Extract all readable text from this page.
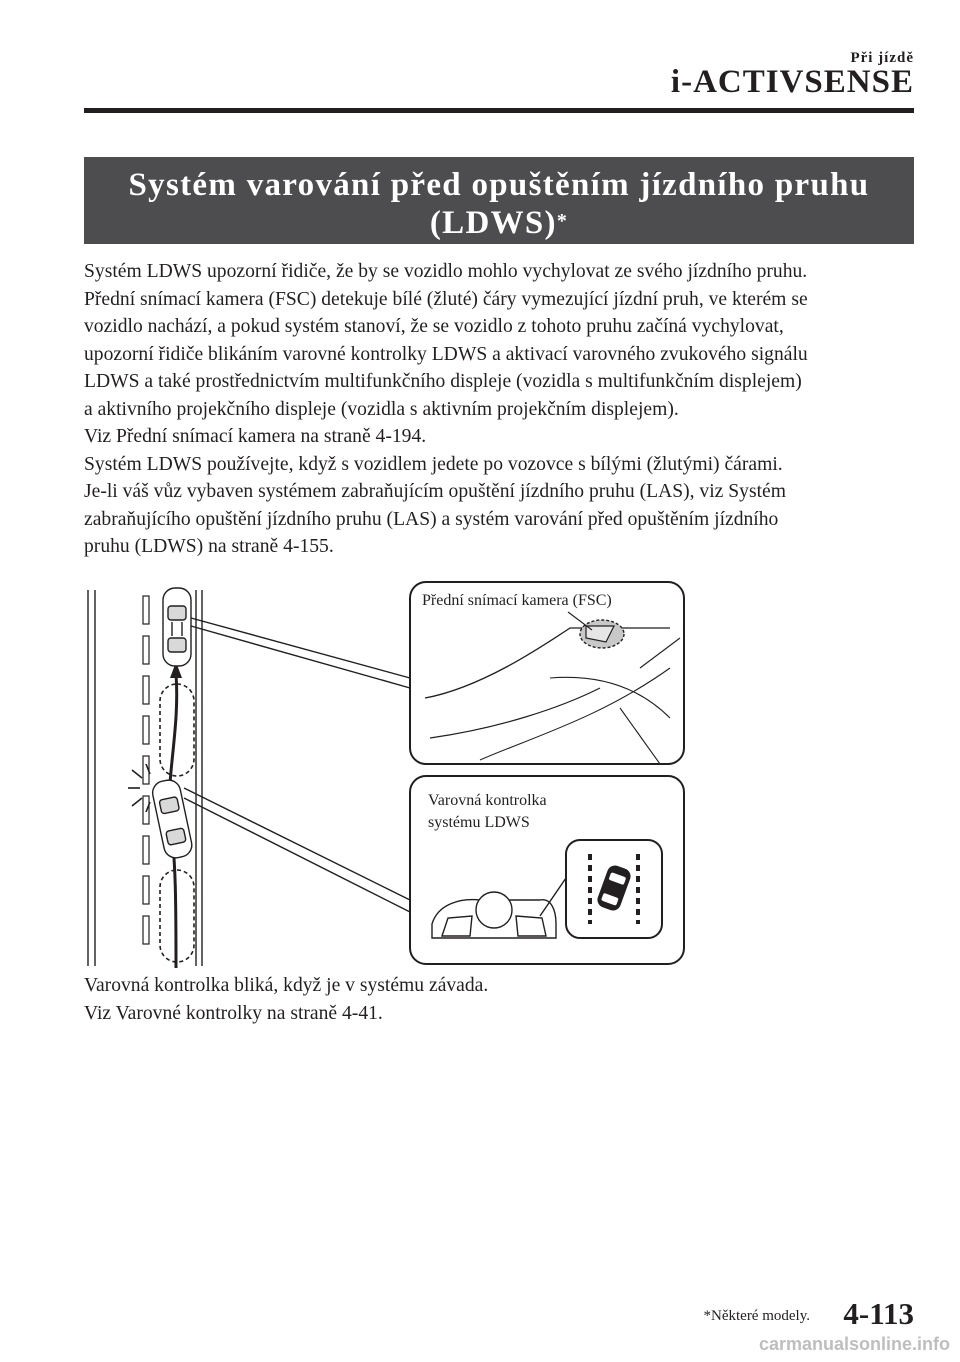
Při jízdě
i-ACTIVSENSE
Systém varování před opuštěním jízdního pruhu
(LDWS)*

Systém LDWS upozorní řidiče, že by se vozidlo mohlo vychylovat ze svého jízdního pruhu.

Přední snímací kamera (FSC) detekuje bílé (žluté) čáry vymezující jízdní pruh, ve kterém se

vozidlo nachází, a pokud systém stanoví, že se vozidlo z tohoto pruhu začíná vychylovat,

upozorní řidiče blikáním varovné kontrolky LDWS a aktivací varovného zvukového signálu

LDWS a také prostřednictvím multifunkčního displeje (vozidla s multifunkčním displejem)

a aktivního projekčního displeje (vozidla s aktivním projekčním displejem).

Viz Přední snímací kamera na straně 4-194.

Systém LDWS používejte, když s vozidlem jedete po vozovce s bílými (žlutými) čárami.

Je-li váš vůz vybaven systémem zabraňujícím opuštění jízdního pruhu (LAS), viz Systém

zabraňujícího opuštění jízdního pruhu (LAS) a systém varování před opuštěním jízdního

pruhu (LDWS) na straně 4-155.

Přední snímací kamera (FSC)
Varovná kontrolka
systému LDWS

Varovná kontrolka bliká, když je v systému závada.

Viz Varovné kontrolky na straně 4-41.

*Některé modely. 4-113
carmanualsonline.info
